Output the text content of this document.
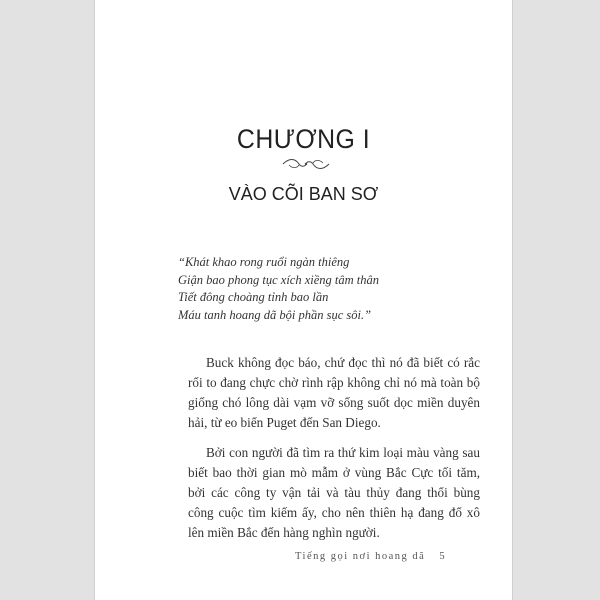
CHƯƠNG I
VÀO CÕI BAN SƠ
“Khát khao rong ruổi ngàn thiêng
Giận bao phong tục xích xiềng tâm thân
Tiết đông choàng tỉnh bao lần
Máu tanh hoang dã bội phần sục sôi.”

Buck không đọc báo, chứ đọc thì nó đã biết có rắc rối to đang chực chờ rình rập không chỉ nó mà toàn bộ giống chó lông dài vạm vỡ sống suốt dọc miền duyên hải, từ eo biển Puget đến San Diego.

Bởi con người đã tìm ra thứ kim loại màu vàng sau biết bao thời gian mò mẫm ở vùng Bắc Cực tối tăm, bởi các công ty vận tải và tàu thủy đang thổi bùng công cuộc tìm kiếm ấy, cho nên thiên hạ đang đổ xô lên miền Bắc đến hàng nghìn người.

Tiếng gọi nơi hoang dã 5
